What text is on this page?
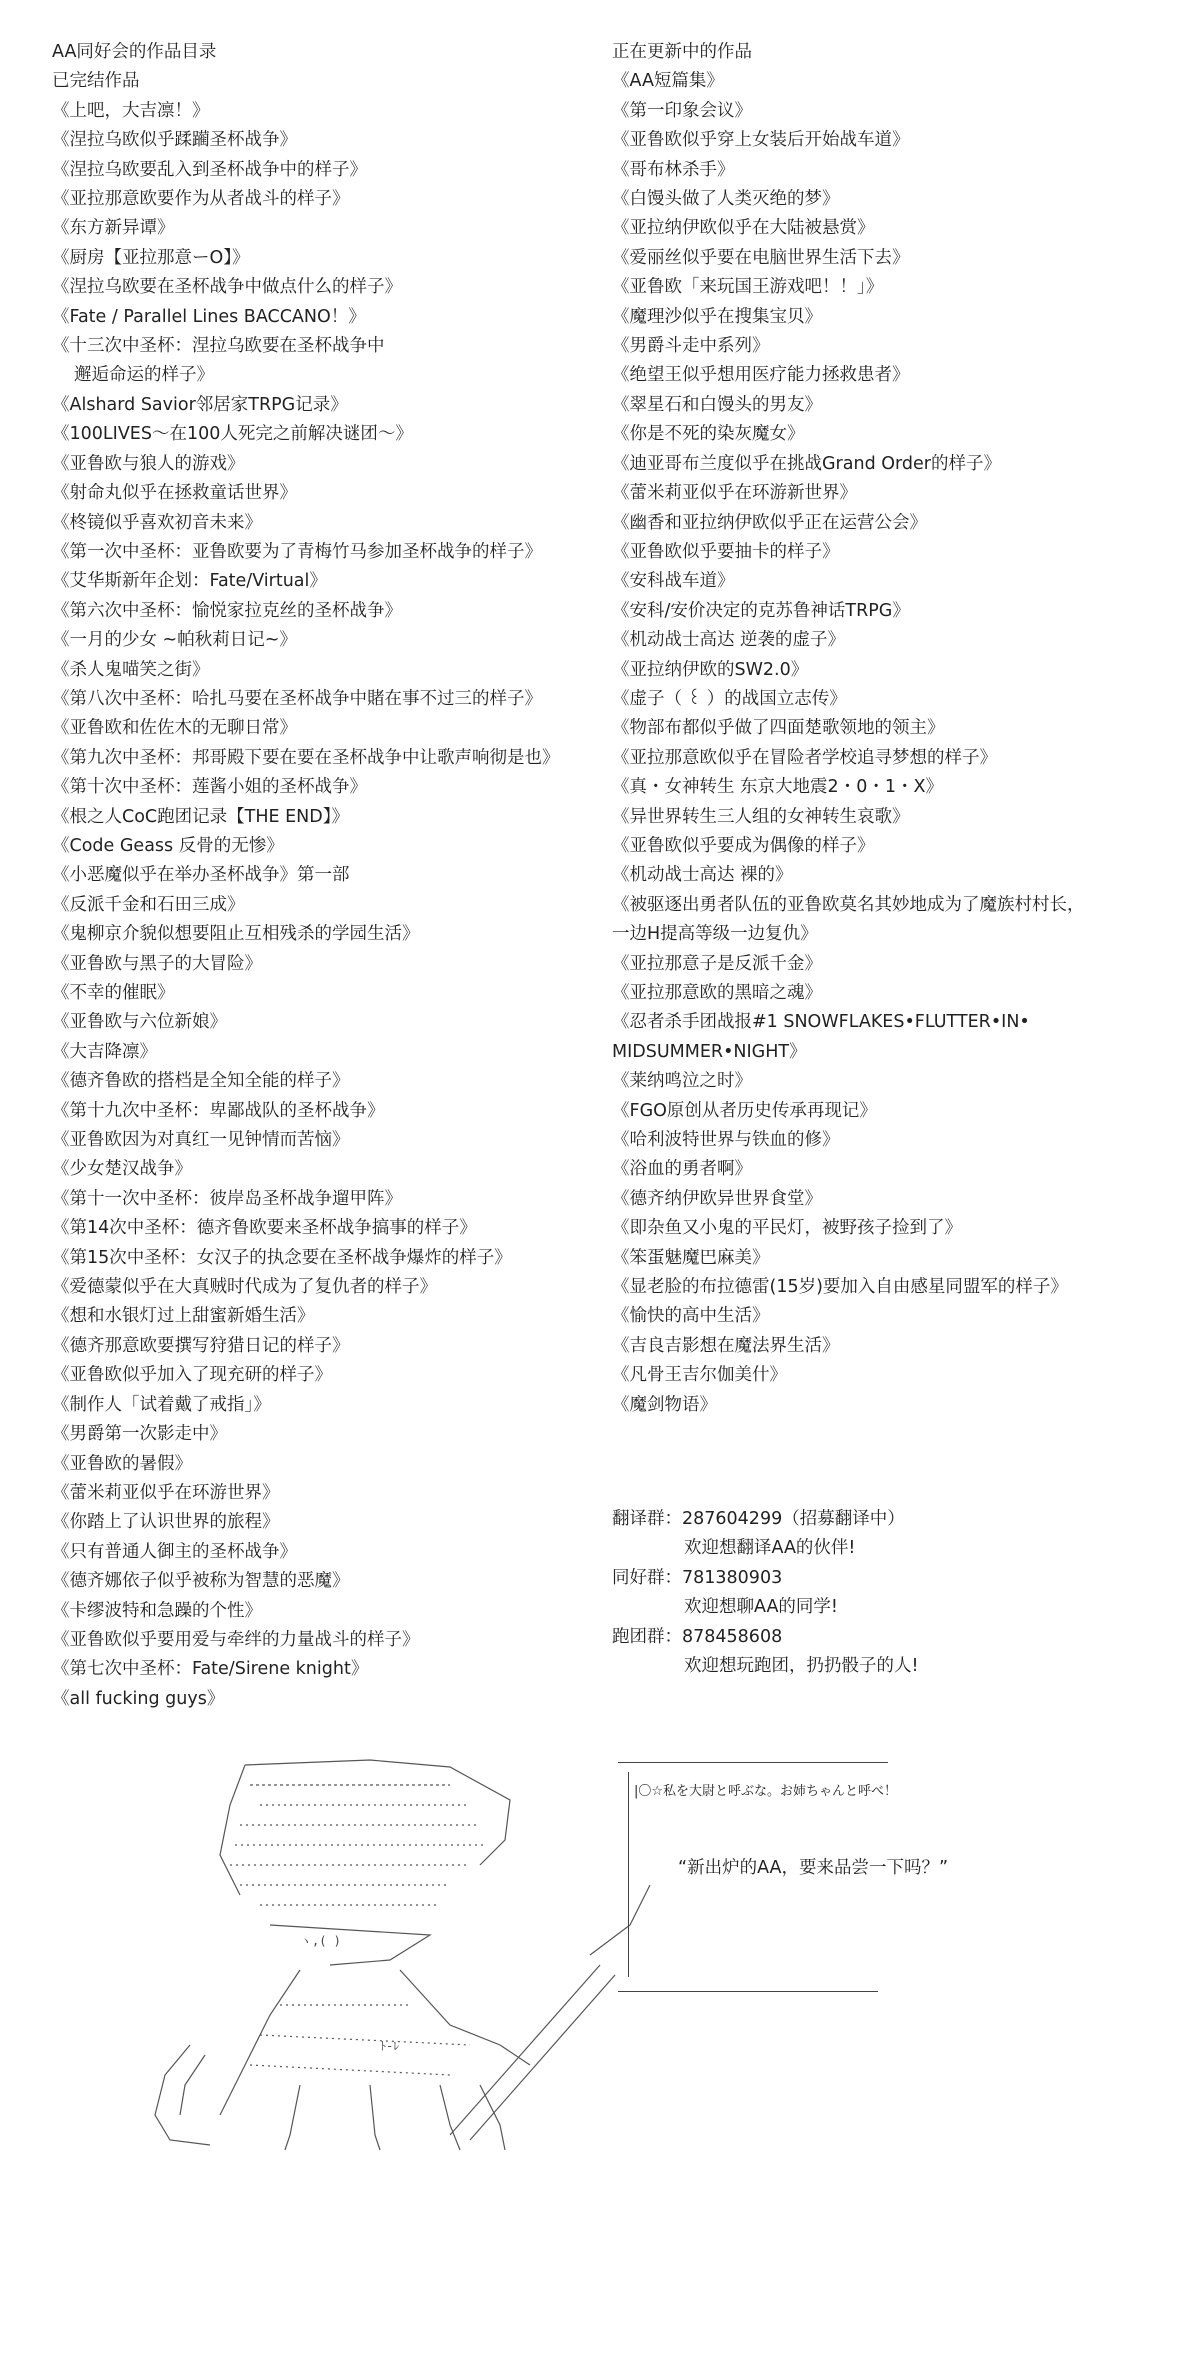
AA同好会的作品目录
已完结作品
《上吧，大吉凛！》
《涅拉乌欧似乎蹂躏圣杯战争》
《涅拉乌欧要乱入到圣杯战争中的样子》
《亚拉那意欧要作为从者战斗的样子》
《东方新异谭》
《厨房【亚拉那意ーO】》
《涅拉乌欧要在圣杯战争中做点什么的样子》
《Fate / Parallel Lines BACCANO！》
《十三次中圣杯：涅拉乌欧要在圣杯战争中
邂逅命运的样子》
《Alshard Savior邻居家TRPG记录》
《100LIVES～在100人死完之前解决谜团～》
《亚鲁欧与狼人的游戏》
《射命丸似乎在拯救童话世界》
《柊镜似乎喜欢初音未来》
《第一次中圣杯：亚鲁欧要为了青梅竹马参加圣杯战争的样子》
《艾华斯新年企划：Fate/Virtual》
《第六次中圣杯：愉悦家拉克丝的圣杯战争》
《一月的少女 ~帕秋莉日记~》
《杀人鬼喵笑之街》
《第八次中圣杯：哈扎马要在圣杯战争中賭在事不过三的样子》
《亚鲁欧和佐佐木的无聊日常》
《第九次中圣杯：邦哥殿下要在要在圣杯战争中让歌声响彻是也》
《第十次中圣杯：莲酱小姐的圣杯战争》
《根之人CoC跑团记录【THE END】》
《Code Geass 反骨的无惨》
《小恶魔似乎在举办圣杯战争》第一部
《反派千金和石田三成》
《鬼柳京介貌似想要阻止互相残杀的学园生活》
《亚鲁欧与黑子的大冒险》
《不幸的催眠》
《亚鲁欧与六位新娘》
《大吉降凛》
《德齐鲁欧的搭档是全知全能的样子》
《第十九次中圣杯：卑鄙战队的圣杯战争》
《亚鲁欧因为对真红一见钟情而苦恼》
《少女楚汉战争》
《第十一次中圣杯：彼岸岛圣杯战争遛甲阵》
《第14次中圣杯：德齐鲁欧要来圣杯战争搞事的样子》
《第15次中圣杯：女汉子的执念要在圣杯战争爆炸的样子》
《爱德蒙似乎在大真贼时代成为了复仇者的样子》
《想和水银灯过上甜蜜新婚生活》
《德齐那意欧要撰写狩猎日记的样子》
《亚鲁欧似乎加入了现充研的样子》
《制作人「试着戴了戒指」》
《男爵第一次影走中》
《亚鲁欧的暑假》
《蕾米莉亚似乎在环游世界》
《你踏上了认识世界的旅程》
《只有普通人御主的圣杯战争》
《德齐娜依子似乎被称为智慧的恶魔》
《卡缪波特和急躁的个性》
《亚鲁欧似乎要用爱与牵绊的力量战斗的样子》
《第七次中圣杯：Fate/Sirene knight》
《all fucking guys》
正在更新中的作品
《AA短篇集》
《第一印象会议》
《亚鲁欧似乎穿上女装后开始战车道》
《哥布林杀手》
《白馒头做了人类灭绝的梦》
《亚拉纳伊欧似乎在大陆被悬赏》
《爱丽丝似乎要在电脑世界生活下去》
《亚鲁欧「来玩国王游戏吧！！」》
《魔理沙似乎在搜集宝贝》
《男爵斗走中系列》
《绝望王似乎想用医疗能力拯救患者》
《翠星石和白馒头的男友》
《你是不死的染灰魔女》
《迪亚哥布兰度似乎在挑战Grand Order的样子》
《蕾米莉亚似乎在环游新世界》
《幽香和亚拉纳伊欧似乎正在运营公会》
《亚鲁欧似乎要抽卡的样子》
《安科战车道》
《安科/安价决定的克苏鲁神话TRPG》
《机动战士高达 逆袭的虚子》
《亚拉纳伊欧的SW2.0》
《虚子（ ꒰ ）的战国立志传》
《物部布都似乎做了四面楚歌领地的领主》
《亚拉那意欧似乎在冒险者学校追寻梦想的样子》
《真・女神转生 东京大地震2・0・1・X》
《异世界转生三人组的女神转生哀歌》
《亚鲁欧似乎要成为偶像的样子》
《机动战士高达 裸的》
《被驱逐出勇者队伍的亚鲁欧莫名其妙地成为了魔族村村长，
一边H提高等级一边复仇》
《亚拉那意子是反派千金》
《亚拉那意欧的黑暗之魂》
《忍者杀手团战报#1 SNOWFLAKES•FLUTTER•IN•
MIDSUMMER•NIGHT》
《莱纳鸣泣之时》
《FGO原创从者历史传承再现记》
《哈利波特世界与铁血的修》
《浴血的勇者啊》
《德齐纳伊欧异世界食堂》
《即杂鱼又小鬼的平民灯，被野孩子捡到了》
《笨蛋魅魔巴麻美》
《显老脸的布拉德雷(15岁)要加入自由感星同盟军的样子》
《愉快的高中生活》
《吉良吉影想在魔法界生活》
《凡骨王吉尔伽美什》
《魔剑物语》
翻译群：287604299（招募翻译中）
欢迎想翻译AA的伙伴!
同好群：781380903
欢迎想聊AA的同学!
跑团群：878458608
欢迎想玩跑团，扔扔骰子的人!
ヽ,( )
ﾄ-ﾚ
|〇☆私を大尉と呼ぶな。お姉ちゃんと呼べ！
“新出炉的AA，要来品尝一下吗？”
